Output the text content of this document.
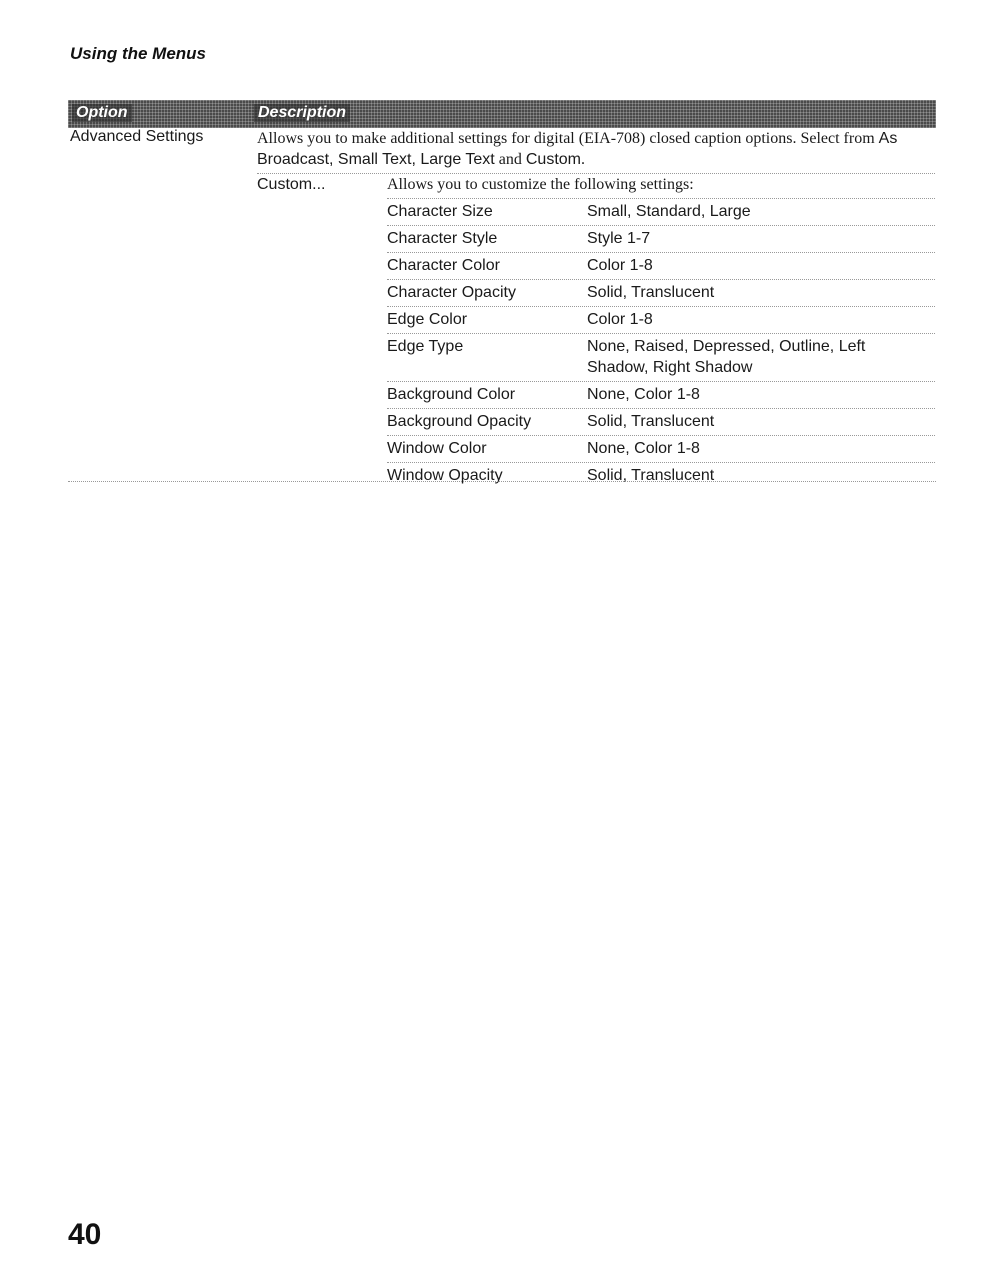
Using the Menus
Option	Description
Advanced Settings	Allows you to make additional settings for digital (EIA-708) closed caption options. Select from As Broadcast, Small Text, Large Text and Custom.
Custom...	Allows you to customize the following settings:
Character Size	Small, Standard, Large
Character Style	Style 1-7
Character Color	Color 1-8
Character Opacity	Solid, Translucent
Edge Color	Color 1-8
Edge Type	None, Raised, Depressed, Outline, Left Shadow, Right Shadow
Background Color	None, Color 1-8
Background Opacity	Solid, Translucent
Window Color	None, Color 1-8
Window Opacity	Solid, Translucent
40
